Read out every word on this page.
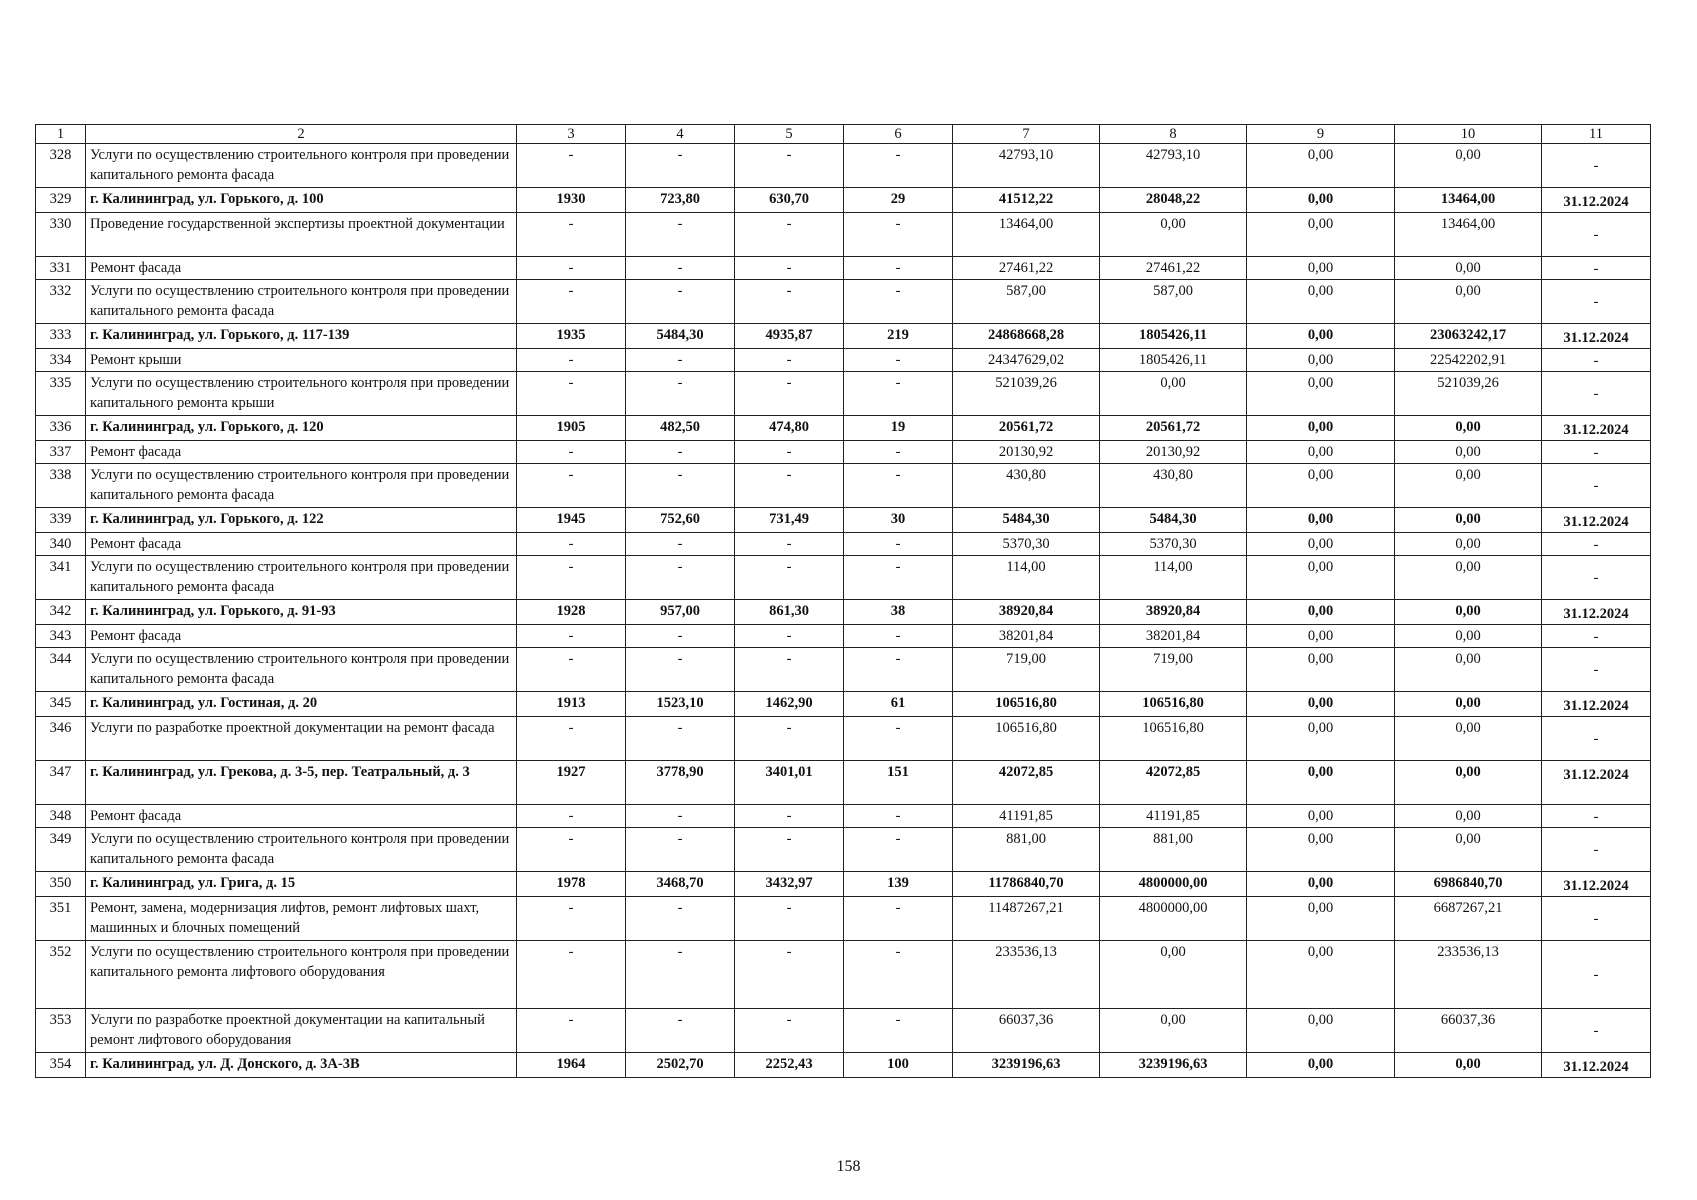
1	2	3	4	5	6	7	8	9	10	11
328	Услуги по осуществлению строительного контроля при проведении капитального ремонта фасада	-	-	-	-	42793,10	42793,10	0,00	0,00	-
329	г. Калининград, ул. Горького, д. 100	1930	723,80	630,70	29	41512,22	28048,22	0,00	13464,00	31.12.2024
330	Проведение государственной экспертизы проектной документации	-	-	-	-	13464,00	0,00	0,00	13464,00	-
331	Ремонт фасада	-	-	-	-	27461,22	27461,22	0,00	0,00	-
332	Услуги по осуществлению строительного контроля при проведении капитального ремонта фасада	-	-	-	-	587,00	587,00	0,00	0,00	-
333	г. Калининград, ул. Горького, д. 117-139	1935	5484,30	4935,87	219	24868668,28	1805426,11	0,00	23063242,17	31.12.2024
334	Ремонт крыши	-	-	-	-	24347629,02	1805426,11	0,00	22542202,91	-
335	Услуги по осуществлению строительного контроля при проведении капитального ремонта крыши	-	-	-	-	521039,26	0,00	0,00	521039,26	-
336	г. Калининград, ул. Горького, д. 120	1905	482,50	474,80	19	20561,72	20561,72	0,00	0,00	31.12.2024
337	Ремонт фасада	-	-	-	-	20130,92	20130,92	0,00	0,00	-
338	Услуги по осуществлению строительного контроля при проведении капитального ремонта фасада	-	-	-	-	430,80	430,80	0,00	0,00	-
339	г. Калининград, ул. Горького, д. 122	1945	752,60	731,49	30	5484,30	5484,30	0,00	0,00	31.12.2024
340	Ремонт фасада	-	-	-	-	5370,30	5370,30	0,00	0,00	-
341	Услуги по осуществлению строительного контроля при проведении капитального ремонта фасада	-	-	-	-	114,00	114,00	0,00	0,00	-
342	г. Калининград, ул. Горького, д. 91-93	1928	957,00	861,30	38	38920,84	38920,84	0,00	0,00	31.12.2024
343	Ремонт фасада	-	-	-	-	38201,84	38201,84	0,00	0,00	-
344	Услуги по осуществлению строительного контроля при проведении капитального ремонта фасада	-	-	-	-	719,00	719,00	0,00	0,00	-
345	г. Калининград, ул. Гостиная, д. 20	1913	1523,10	1462,90	61	106516,80	106516,80	0,00	0,00	31.12.2024
346	Услуги по разработке проектной документации на ремонт фасада	-	-	-	-	106516,80	106516,80	0,00	0,00	-
347	г. Калининград, ул. Грекова, д. 3-5, пер. Театральный, д. 3	1927	3778,90	3401,01	151	42072,85	42072,85	0,00	0,00	31.12.2024
348	Ремонт фасада	-	-	-	-	41191,85	41191,85	0,00	0,00	-
349	Услуги по осуществлению строительного контроля при проведении капитального ремонта фасада	-	-	-	-	881,00	881,00	0,00	0,00	-
350	г. Калининград, ул. Грига, д. 15	1978	3468,70	3432,97	139	11786840,70	4800000,00	0,00	6986840,70	31.12.2024
351	Ремонт, замена, модернизация лифтов, ремонт лифтовых шахт, машинных и блочных помещений	-	-	-	-	11487267,21	4800000,00	0,00	6687267,21	-
352	Услуги по осуществлению строительного контроля при проведении капитального ремонта лифтового оборудования	-	-	-	-	233536,13	0,00	0,00	233536,13	-
353	Услуги по разработке проектной документации на капитальный ремонт лифтового оборудования	-	-	-	-	66037,36	0,00	0,00	66037,36	-
354	г. Калининград, ул. Д. Донского, д. 3А-3В	1964	2502,70	2252,43	100	3239196,63	3239196,63	0,00	0,00	31.12.2024
158
